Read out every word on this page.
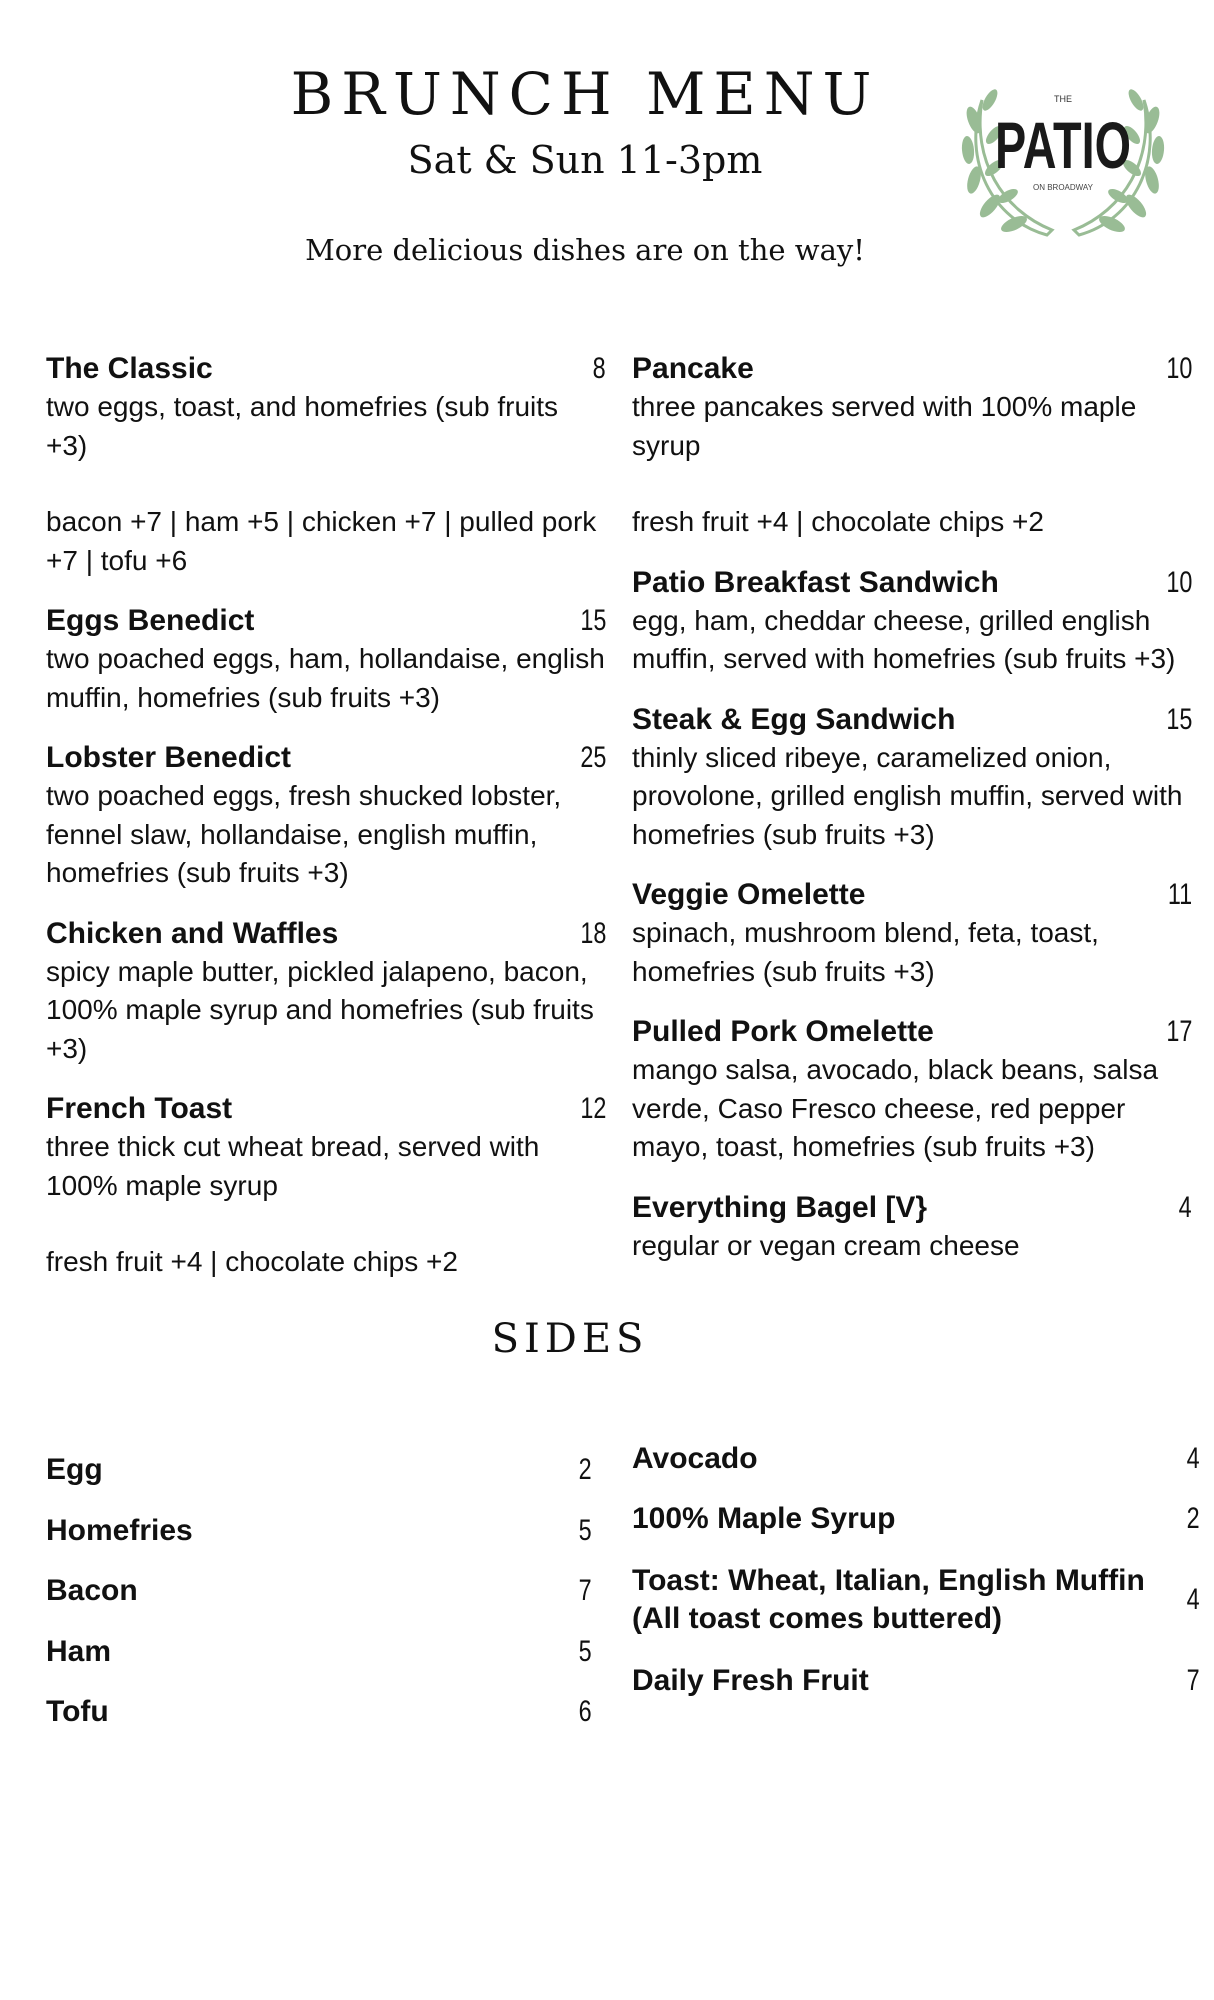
BRUNCH MENU
Sat & Sun 11-3pm
More delicious dishes are on the way!
THE
PATIO
ON BROADWAY
The Classic	8
two eggs, toast, and homefries (sub fruits +3)
bacon +7 | ham +5 | chicken +7 | pulled pork +7 | tofu +6
Eggs Benedict	15
two poached eggs, ham, hollandaise, english muffin, homefries (sub fruits +3)
Lobster Benedict	25
two poached eggs, fresh shucked lobster, fennel slaw, hollandaise, english muffin, homefries (sub fruits +3)
Chicken and Waffles	18
spicy maple butter, pickled jalapeno, bacon, 100% maple syrup and homefries (sub fruits +3)
French Toast	12
three thick cut wheat bread, served with 100% maple syrup
fresh fruit +4 | chocolate chips +2
Pancake	10
three pancakes served with 100% maple syrup
fresh fruit +4 | chocolate chips +2
Patio Breakfast Sandwich	10
egg, ham, cheddar cheese, grilled english muffin, served with homefries (sub fruits +3)
Steak & Egg Sandwich	15
thinly sliced ribeye, caramelized onion, provolone, grilled english muffin, served with homefries (sub fruits +3)
Veggie Omelette	11
spinach, mushroom blend, feta, toast, homefries (sub fruits +3)
Pulled Pork Omelette	17
mango salsa, avocado, black beans, salsa verde, Caso Fresco cheese, red pepper mayo, toast, homefries (sub fruits +3)
Everything Bagel [V}	4
regular or vegan cream cheese
SIDES
Egg	2
Homefries	5
Bacon	7
Ham	5
Tofu	6
Avocado	4
100% Maple Syrup	2
Toast: Wheat, Italian, English Muffin (All toast comes buttered)
4
Daily Fresh Fruit	7
